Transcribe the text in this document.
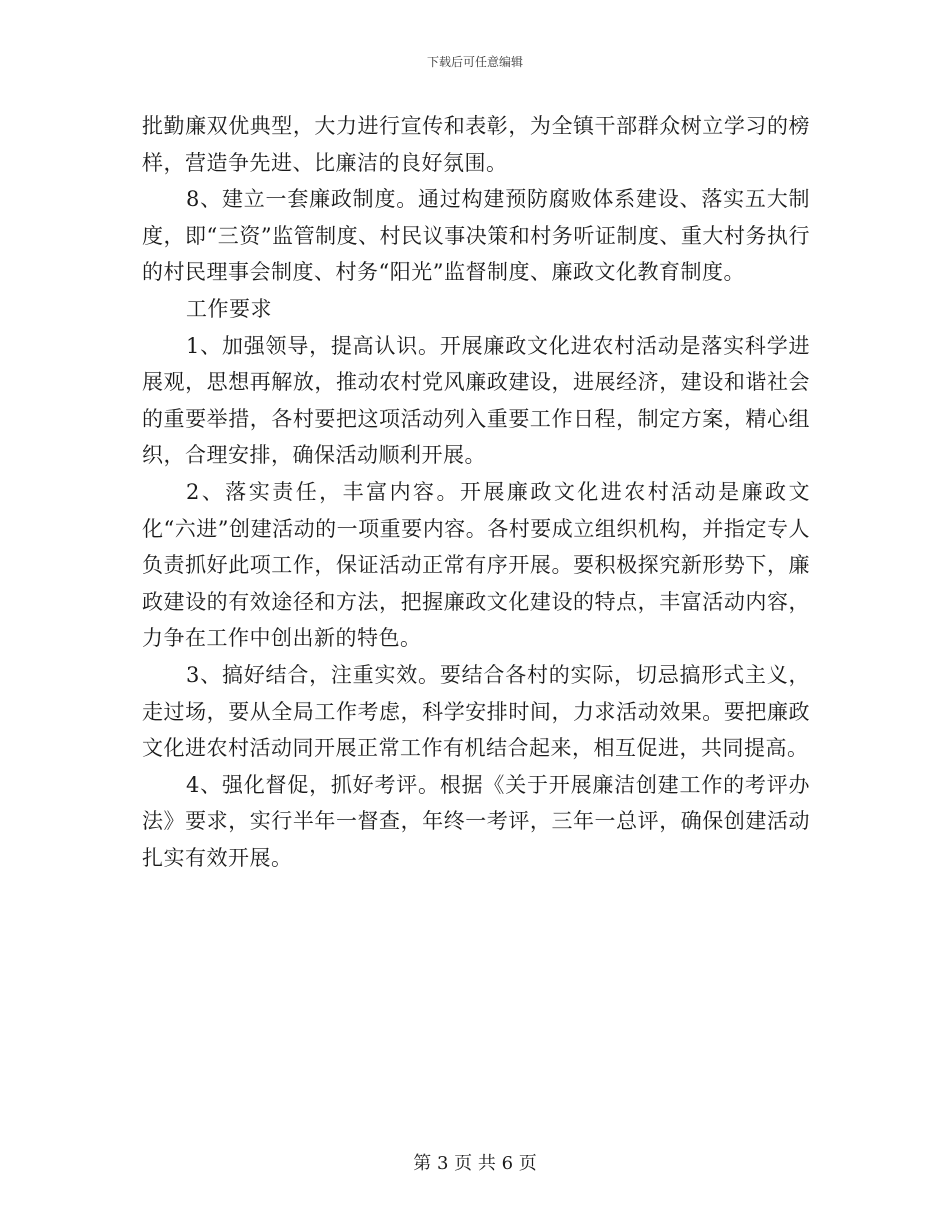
下载后可任意编辑

批勤廉双优典型，大力进行宣传和表彰，为全镇干部群众树立学习的榜样，营造争先进、比廉洁的良好氛围。

8、建立一套廉政制度。通过构建预防腐败体系建设、落实五大制度，即“三资”监管制度、村民议事决策和村务听证制度、重大村务执行的村民理事会制度、村务“阳光”监督制度、廉政文化教育制度。

工作要求

1、加强领导，提高认识。开展廉政文化进农村活动是落实科学进展观，思想再解放，推动农村党风廉政建设，进展经济，建设和谐社会的重要举措，各村要把这项活动列入重要工作日程，制定方案，精心组织，合理安排，确保活动顺利开展。

2、落实责任，丰富内容。开展廉政文化进农村活动是廉政文化“六进”创建活动的一项重要内容。各村要成立组织机构，并指定专人负责抓好此项工作，保证活动正常有序开展。要积极探究新形势下，廉政建设的有效途径和方法，把握廉政文化建设的特点，丰富活动内容，力争在工作中创出新的特色。

3、搞好结合，注重实效。要结合各村的实际，切忌搞形式主义，走过场，要从全局工作考虑，科学安排时间，力求活动效果。要把廉政文化进农村活动同开展正常工作有机结合起来，相互促进，共同提高。

4、强化督促，抓好考评。根据《关于开展廉洁创建工作的考评办法》要求，实行半年一督查，年终一考评，三年一总评，确保创建活动扎实有效开展。

第 3 页 共 6 页
